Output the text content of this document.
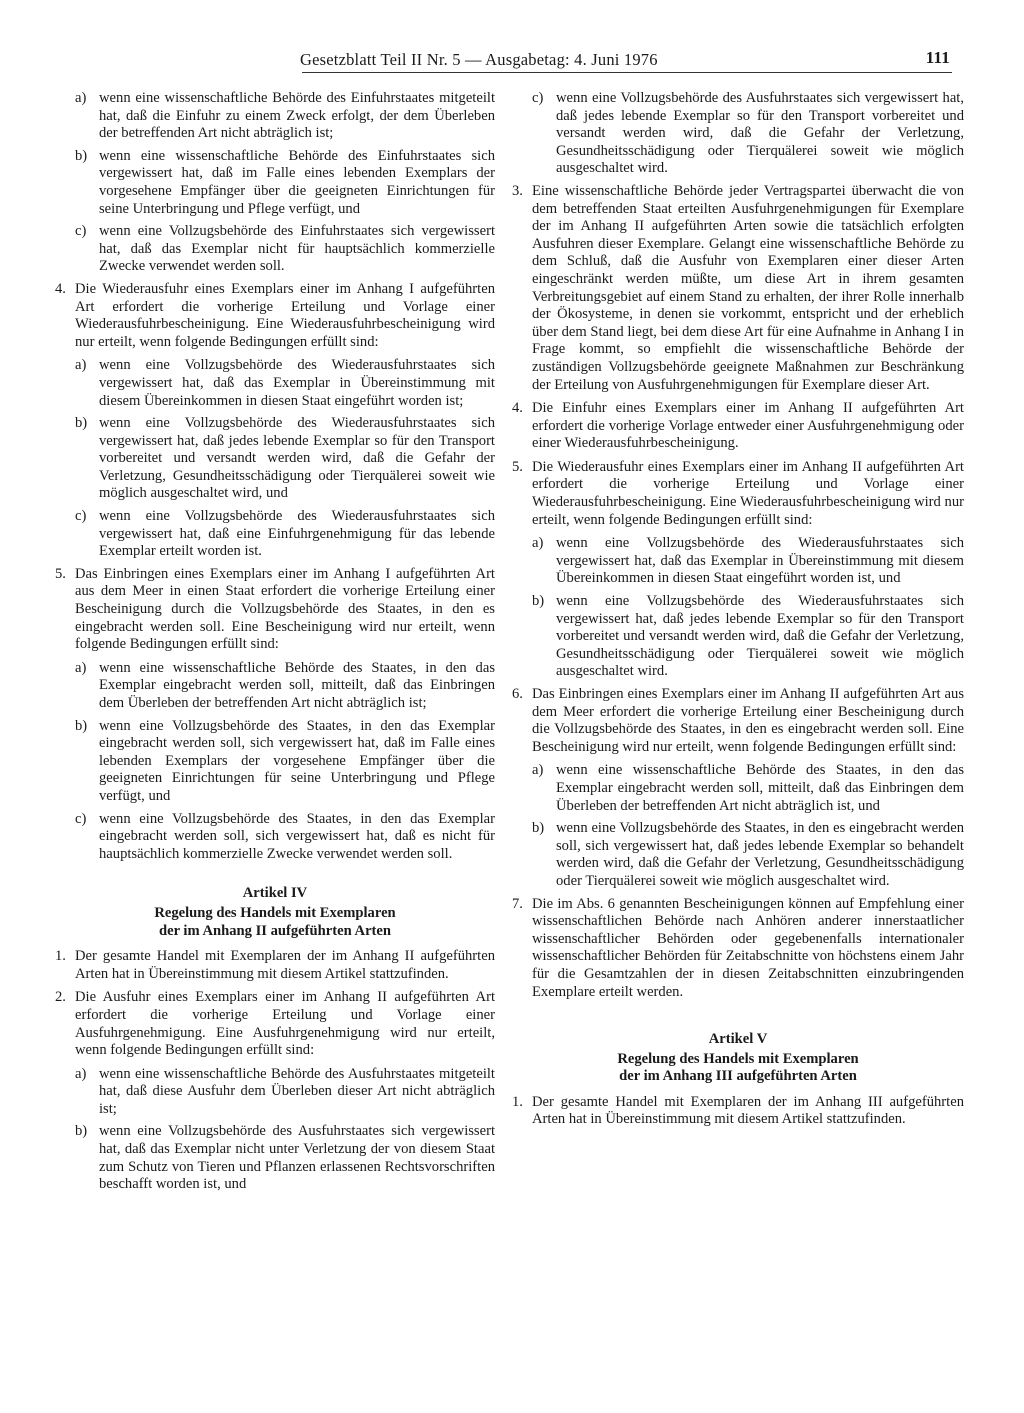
Gesetzblatt Teil II Nr. 5 — Ausgabetag: 4. Juni 1976	111
a) wenn eine wissenschaftliche Behörde des Einfuhrstaates mitgeteilt hat, daß die Einfuhr zu einem Zweck erfolgt, der dem Überleben der betreffenden Art nicht abträglich ist;
b) wenn eine wissenschaftliche Behörde des Einfuhrstaates sich vergewissert hat, daß im Falle eines lebenden Exemplars der vorgesehene Empfänger über die geeigneten Einrichtungen für seine Unterbringung und Pflege verfügt, und
c) wenn eine Vollzugsbehörde des Einfuhrstaates sich vergewissert hat, daß das Exemplar nicht für hauptsächlich kommerzielle Zwecke verwendet werden soll.
4. Die Wiederausfuhr eines Exemplars einer im Anhang I aufgeführten Art erfordert die vorherige Erteilung und Vorlage einer Wiederausfuhrbescheinigung. Eine Wiederausfuhrbescheinigung wird nur erteilt, wenn folgende Bedingungen erfüllt sind:
a) wenn eine Vollzugsbehörde des Wiederausfuhrstaates sich vergewissert hat, daß das Exemplar in Übereinstimmung mit diesem Übereinkommen in diesen Staat eingeführt worden ist;
b) wenn eine Vollzugsbehörde des Wiederausfuhrstaates sich vergewissert hat, daß jedes lebende Exemplar so für den Transport vorbereitet und versandt werden wird, daß die Gefahr der Verletzung, Gesundheitsschädigung oder Tierquälerei soweit wie möglich ausgeschaltet wird, und
c) wenn eine Vollzugsbehörde des Wiederausfuhrstaates sich vergewissert hat, daß eine Einfuhrgenehmigung für das lebende Exemplar erteilt worden ist.
5. Das Einbringen eines Exemplars einer im Anhang I aufgeführten Art aus dem Meer in einen Staat erfordert die vorherige Erteilung einer Bescheinigung durch die Vollzugsbehörde des Staates, in den es eingebracht werden soll. Eine Bescheinigung wird nur erteilt, wenn folgende Bedingungen erfüllt sind:
a) wenn eine wissenschaftliche Behörde des Staates, in den das Exemplar eingebracht werden soll, mitteilt, daß das Einbringen dem Überleben der betreffenden Art nicht abträglich ist;
b) wenn eine Vollzugsbehörde des Staates, in den das Exemplar eingebracht werden soll, sich vergewissert hat, daß im Falle eines lebenden Exemplars der vorgesehene Empfänger über die geeigneten Einrichtungen für seine Unterbringung und Pflege verfügt, und
c) wenn eine Vollzugsbehörde des Staates, in den das Exemplar eingebracht werden soll, sich vergewissert hat, daß es nicht für hauptsächlich kommerzielle Zwecke verwendet werden soll.
Artikel IV
Regelung des Handels mit Exemplaren
der im Anhang II aufgeführten Arten
1. Der gesamte Handel mit Exemplaren der im Anhang II aufgeführten Arten hat in Übereinstimmung mit diesem Artikel stattzufinden.
2. Die Ausfuhr eines Exemplars einer im Anhang II aufgeführten Art erfordert die vorherige Erteilung und Vorlage einer Ausfuhrgenehmigung. Eine Ausfuhrgenehmigung wird nur erteilt, wenn folgende Bedingungen erfüllt sind:
a) wenn eine wissenschaftliche Behörde des Ausfuhrstaates mitgeteilt hat, daß diese Ausfuhr dem Überleben dieser Art nicht abträglich ist;
b) wenn eine Vollzugsbehörde des Ausfuhrstaates sich vergewissert hat, daß das Exemplar nicht unter Verletzung der von diesem Staat zum Schutz von Tieren und Pflanzen erlassenen Rechtsvorschriften beschafft worden ist, und
c) wenn eine Vollzugsbehörde des Ausfuhrstaates sich vergewissert hat, daß jedes lebende Exemplar so für den Transport vorbereitet und versandt werden wird, daß die Gefahr der Verletzung, Gesundheitsschädigung oder Tierquälerei soweit wie möglich ausgeschaltet wird.
3. Eine wissenschaftliche Behörde jeder Vertragspartei überwacht die von dem betreffenden Staat erteilten Ausfuhrgenehmigungen für Exemplare der im Anhang II aufgeführten Arten sowie die tatsächlich erfolgten Ausfuhren dieser Exemplare. Gelangt eine wissenschaftliche Behörde zu dem Schluß, daß die Ausfuhr von Exemplaren einer dieser Arten eingeschränkt werden müßte, um diese Art in ihrem gesamten Verbreitungsgebiet auf einem Stand zu erhalten, der ihrer Rolle innerhalb der Ökosysteme, in denen sie vorkommt, entspricht und der erheblich über dem Stand liegt, bei dem diese Art für eine Aufnahme in Anhang I in Frage kommt, so empfiehlt die wissenschaftliche Behörde der zuständigen Vollzugsbehörde geeignete Maßnahmen zur Beschränkung der Erteilung von Ausfuhrgenehmigungen für Exemplare dieser Art.
4. Die Einfuhr eines Exemplars einer im Anhang II aufgeführten Art erfordert die vorherige Vorlage entweder einer Ausfuhrgenehmigung oder einer Wiederausfuhrbescheinigung.
5. Die Wiederausfuhr eines Exemplars einer im Anhang II aufgeführten Art erfordert die vorherige Erteilung und Vorlage einer Wiederausfuhrbescheinigung. Eine Wiederausfuhrbescheinigung wird nur erteilt, wenn folgende Bedingungen erfüllt sind:
a) wenn eine Vollzugsbehörde des Wiederausfuhrstaates sich vergewissert hat, daß das Exemplar in Übereinstimmung mit diesem Übereinkommen in diesen Staat eingeführt worden ist, und
b) wenn eine Vollzugsbehörde des Wiederausfuhrstaates sich vergewissert hat, daß jedes lebende Exemplar so für den Transport vorbereitet und versandt werden wird, daß die Gefahr der Verletzung, Gesundheitsschädigung oder Tierquälerei soweit wie möglich ausgeschaltet wird.
6. Das Einbringen eines Exemplars einer im Anhang II aufgeführten Art aus dem Meer erfordert die vorherige Erteilung einer Bescheinigung durch die Vollzugsbehörde des Staates, in den es eingebracht werden soll. Eine Bescheinigung wird nur erteilt, wenn folgende Bedingungen erfüllt sind:
a) wenn eine wissenschaftliche Behörde des Staates, in den das Exemplar eingebracht werden soll, mitteilt, daß das Einbringen dem Überleben der betreffenden Art nicht abträglich ist, und
b) wenn eine Vollzugsbehörde des Staates, in den es eingebracht werden soll, sich vergewissert hat, daß jedes lebende Exemplar so behandelt werden wird, daß die Gefahr der Verletzung, Gesundheitsschädigung oder Tierquälerei soweit wie möglich ausgeschaltet wird.
7. Die im Abs. 6 genannten Bescheinigungen können auf Empfehlung einer wissenschaftlichen Behörde nach Anhören anderer innerstaatlicher wissenschaftlicher Behörden oder gegebenenfalls internationaler wissenschaftlicher Behörden für Zeitabschnitte von höchstens einem Jahr für die Gesamtzahlen der in diesen Zeitabschnitten einzubringenden Exemplare erteilt werden.
Artikel V
Regelung des Handels mit Exemplaren
der im Anhang III aufgeführten Arten
1. Der gesamte Handel mit Exemplaren der im Anhang III aufgeführten Arten hat in Übereinstimmung mit diesem Artikel stattzufinden.
